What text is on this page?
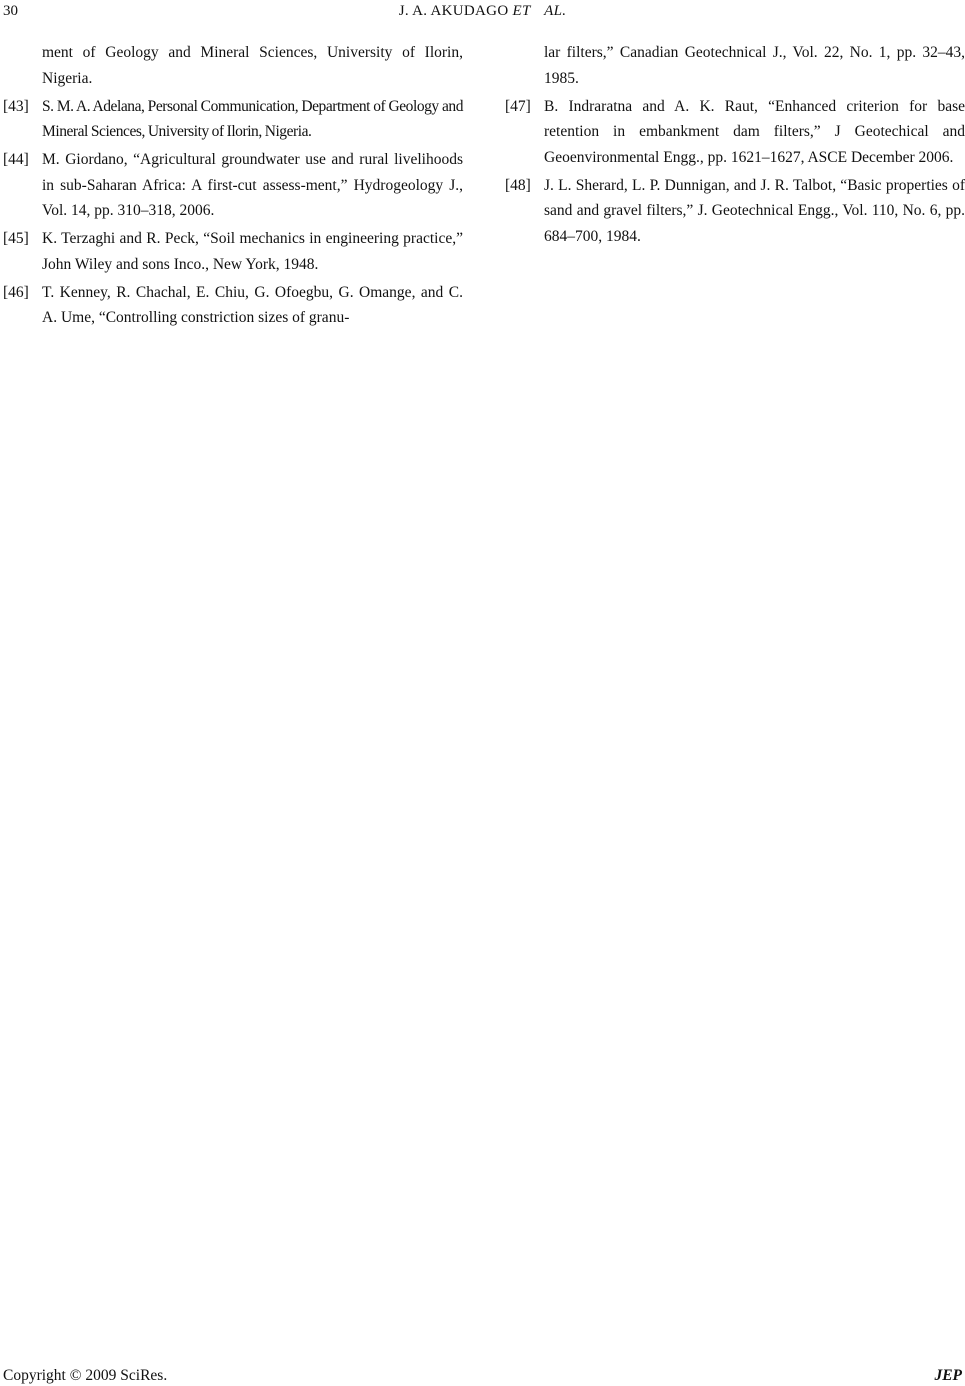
30	J. A. AKUDAGO ET AL.
ment of Geology and Mineral Sciences, University of Ilorin, Nigeria.
[43] S. M. A. Adelana, Personal Communication, Department of Geology and Mineral Sciences, University of Ilorin, Nigeria.
[44] M. Giordano, “Agricultural groundwater use and rural livelihoods in sub-Saharan Africa: A first-cut assess-ment,” Hydrogeology J., Vol. 14, pp. 310–318, 2006.
[45] K. Terzaghi and R. Peck, “Soil mechanics in engineering practice,” John Wiley and sons Inco., New York, 1948.
[46] T. Kenney, R. Chachal, E. Chiu, G. Ofoegbu, G. Omange, and C. A. Ume, “Controlling constriction sizes of granu-
lar filters,” Canadian Geotechnical J., Vol. 22, No. 1, pp. 32–43, 1985.
[47] B. Indraratna and A. K. Raut, “Enhanced criterion for base retention in embankment dam filters,” J Geotechical and Geoenvironmental Engg., pp. 1621–1627, ASCE December 2006.
[48] J. L. Sherard, L. P. Dunnigan, and J. R. Talbot, “Basic properties of sand and gravel filters,” J. Geotechnical Engg., Vol. 110, No. 6, pp. 684–700, 1984.
Copyright © 2009 SciRes.	JEP
